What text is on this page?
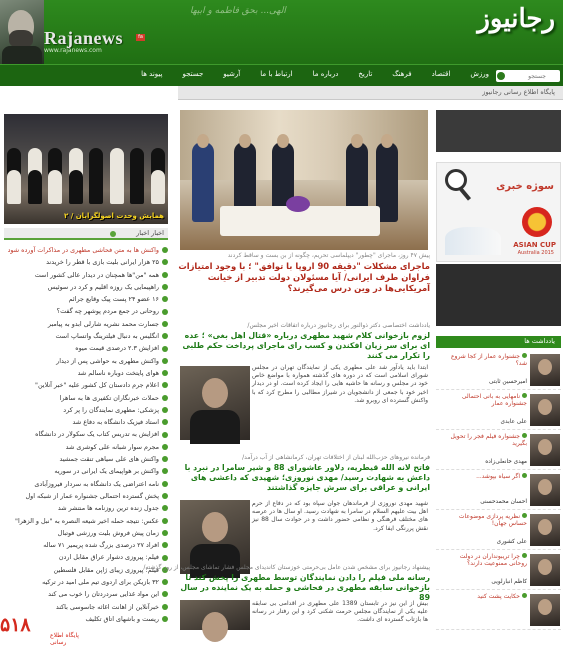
Rajanews	fa
www.rajanews.com
الهی... بحق فاطمه و ابیها	رجانیوز
ورزش
اقتصاد
فرهنگ
تاریخ
درباره ما
ارتباط با ما
آرشیو
جستجو
پیوند ها
جستجو
پایگاه اطلاع رسانی رجانیوز
همایش وحدت اصولگرایان / ۲
اخبار اخبار
واکنش ها به متن فحاشی مطهری در مذاکرات آورده شود
۲۵ هزار ایرانی بلیت بازی با قطر را خریدند
همه "من"ها همچنان در دیدار عالی کشور است
راهپیمایی یک روزه اقلیم و کرد در سوئیس
۱۶ عضو ۲۴ پست پیک وقایع جرائم
روحانی در جمع مردم پوشهر چه گفت؟
جسارت محمد نشریه شارلی ابدو به پیامبر
انگلیس به دنبال فیلترینگ واتساپ است
افزایش ۲.۳ درصدی قیمت میوه
واکنش مطهری به حواشی پس از دیدار
هوای پایتخت دوباره ناسالم شد
اعلام جرم دادستان کل کشور علیه "خبر آنلاین"
حملات خبرنگاران تکفیری ها به ساهرا
پزشکی: مطهری نمایندگان را پر کرد
استاد فیزیک دانشگاه به دفاع شد
افزایش به تدریس کتاب یک سکولار در دانشگاه
مجرم سوار شبانه علی کوشری شد
واکنش های علی سیاهی تنقت جمشید
واکنش بر هواپیمای یک ایرانی در سوریه
نامه اعتراضی یک دانشگاه به سردار فیروزآبادی
پخش گسترده احتمالی جشنواره عمار از شبکه اول
جدول زنده ترین روزنامه ها منتشر شد
عکس: نتیجه حمله اخیر شیعه النصره به "نبل و الزهرا"
زمان پیش فروش بلیت ورزشی فوتبال
افراد ۲۷ درصدی بزرگ شده پریمیر ۷۱ ساله
فیلم: پیروزی دشوار عراق مقابل اردن
فیلم: پیروزی زیبای ژاپن مقابل فلسطین
۳۲ بازیکن برای اردوی تیم ملی امید در ترکیه
این مواد غذایی سردردتان را خوب می کند
خبرآنلاین از اهانت اغاثه جاسوسی باکند
ریست و باشهای اتاق تکلیف
۵۱۸	پایگاه اطلاع رسانی
پیش ۴۷ روز، ماجرای "چطور" دیپلماسی تحریم، چگونه از بن بست و ساقط کردند
ماجرای مشکلات "دقیقه 90 اروپا با توافق" ؛ با وجود امتیازات فراوان طرف ایرانی/ آیا مسئولان دولت تدبیر از خیانت آمریکایی‌ها در وین درس می‌گیرند؟
یادداشت اختصاصی دکتر ذوالنور برای رجانیوز درباره اتفاقات اخیر مجلس/
لزوم بازخوانی کلام شهید مطهری درباره «قتال اهل بغی» ؛ عده ای برای سر زیان افکندن و کسب رای ماجرای پرداخت حکم طلبی را تکرار می کنند
ابتدا باید یادآور شد علی مطهری یکی از نمایندگان تهران در مجلس شورای اسلامی است که در دوره های گذشته همواره با مواضع خاص خود در مجلس و رسانه ها حاشیه هایی را ایجاد کرده است. او در دیدار اخیر خود با جمعی از دانشجویان در شیراز مطالبی را مطرح کرد که با واکنش گسترده ای روبرو شد.
فرمانده نیروهای حزب‌الله لبنان از اختلافات تهران، کرمانشاهی از آب درآمد/
فاتح لانه الله قیطریه، دلاور عاشورای 88 و شیر سامرا در نبرد با داعش به شهادت رسید/ مهدی نوروزی؛ شهیدی که داعشی های ایرانی و عراقی برای سرش جایزه گذاشتند
شهید مهدی نوروزی از فرماندهان جوان سپاه بود که در دفاع از حرم اهل بیت علیهم السلام در سامرا به شهادت رسید. او سال ها در عرصه های مختلف فرهنگی و نظامی حضور داشت و در حوادث سال 88 نیز نقش پررنگی ایفا کرد.
پیشنهاد رجانیوز برای مشخص شدن عامل بی‌حرمتی خوزستان کاندیدای مجلس فشار تماشای مجلس، از روز گذشته/
رسانه ملی فیلم را دادن نمایندگان توسط مطهری را پخش کند تا بازخوانی سابقه مطهری در فحاشی و حمله به یک نماینده در سال 89
بیش از این نیز در تابستان 1389 علی مطهری در اقدامی بی سابقه علیه یکی از نمایندگان مجلس حرمت شکنی کرد و این رفتار در رسانه ها بازتاب گسترده ای داشت.
سوژه خبری
ASIAN CUP
Australia 2015
یادداشت ها
جشنواره عمار از کجا شروع شد؟
امیرحسین ثابتی
نامهایی به بانی احتمالی جشنواره عمار
علی عابدی
جشنواره فیلم فجر را تحویل بگیرید
مهدی خانعلی‌زاده
اگر سیاه بپوشد...
احسان محمدحسنی
نظریه پردازی موضوعات حساس جهان!
علی کشوری
چرا تریبونداران در دولت روحانی ممنوعیت دارند؟
کاظم انبارلویی
حکایت پشت کنید
